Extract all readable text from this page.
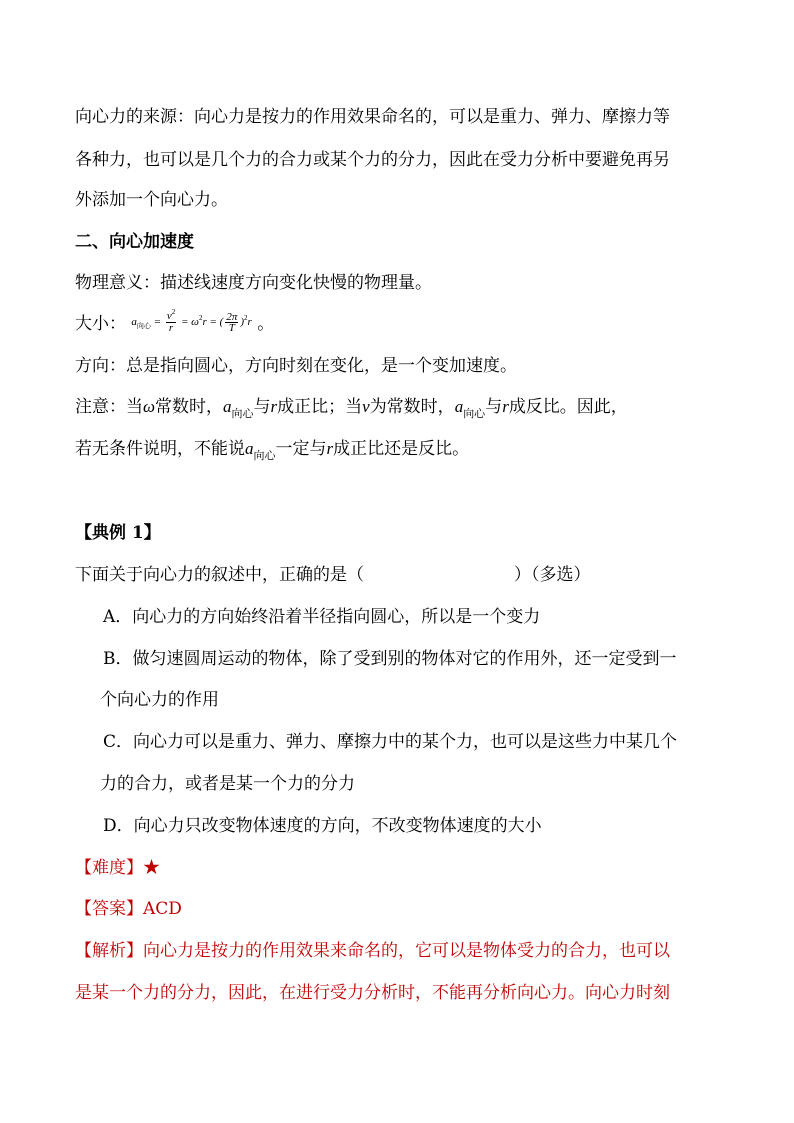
向心力的来源：向心力是按力的作用效果命名的，可以是重力、弹力、摩擦力等
各种力，也可以是几个力的合力或某个力的分力，因此在受力分析中要避免再另
外添加一个向心力。
二、向心加速度
物理意义：描述线速度方向变化快慢的物理量。
大小： $a_{向心} = \frac{v^2}{r} = \omega^2r$ = ( $\frac{2\pi}{T} )^2r$ 。
方向：总是指向圆心，方向时刻在变化，是一个变加速度。
注意：当ω常数时，$a_{向心}$与r成正比；当v为常数时，$a_{向心}$与r成反比。因此，
若无条件说明，不能说$a_{向心}$一定与r成正比还是反比。
【典例 1】
下面关于向心力的叙述中，正确的是（	）（多选）
A．向心力的方向始终沿着半径指向圆心，所以是一个变力
B．做匀速圆周运动的物体，除了受到别的物体对它的作用外，还一定受到一
个向心力的作用
C．向心力可以是重力、弹力、摩擦力中的某个力，也可以是这些力中某几个
力的合力，或者是某一个力的分力
D．向心力只改变物体速度的方向，不改变物体速度的大小
【难度】★
【答案】ACD
【解析】向心力是按力的作用效果来命名的，它可以是物体受力的合力，也可以
是某一个力的分力，因此，在进行受力分析时，不能再分析向心力。向心力时刻
